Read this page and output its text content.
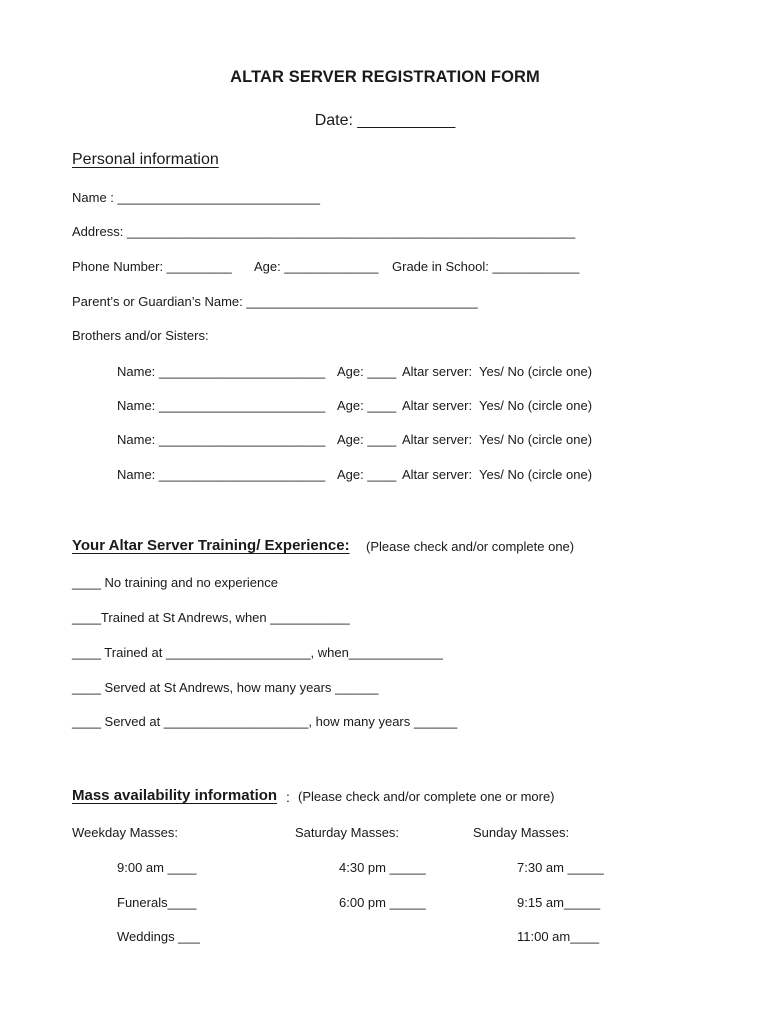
ALTAR SERVER REGISTRATION FORM
Date: ___________
Personal information
Name : ____________________________
Address: ______________________________________________________________
Phone Number: _________ Age: _____________ Grade in School: ____________
Parent’s or Guardian’s Name: ________________________________
Brothers and/or Sisters:
Name: _______________________ Age: ____ Altar server:  Yes/ No (circle one)
Name: _______________________ Age: ____ Altar server:  Yes/ No (circle one)
Name: _______________________ Age: ____ Altar server:  Yes/ No (circle one)
Name: _______________________ Age: ____ Altar server:  Yes/ No (circle one)
Your Altar Server Training/ Experience: (Please check and/or complete one)
____ No training and no experience
____Trained at St Andrews, when ___________
____ Trained at ____________________, when_____________
____ Served at St Andrews, how many years ______
____ Served at ____________________, how many years ______
Mass availability information : (Please check and/or complete one or more)
Weekday Masses:	Saturday Masses:	Sunday Masses:
9:00 am ____
Funerals____
Weddings ___
4:30 pm _____
6:00 pm _____
7:30 am _____
9:15 am_____
11:00 am____
